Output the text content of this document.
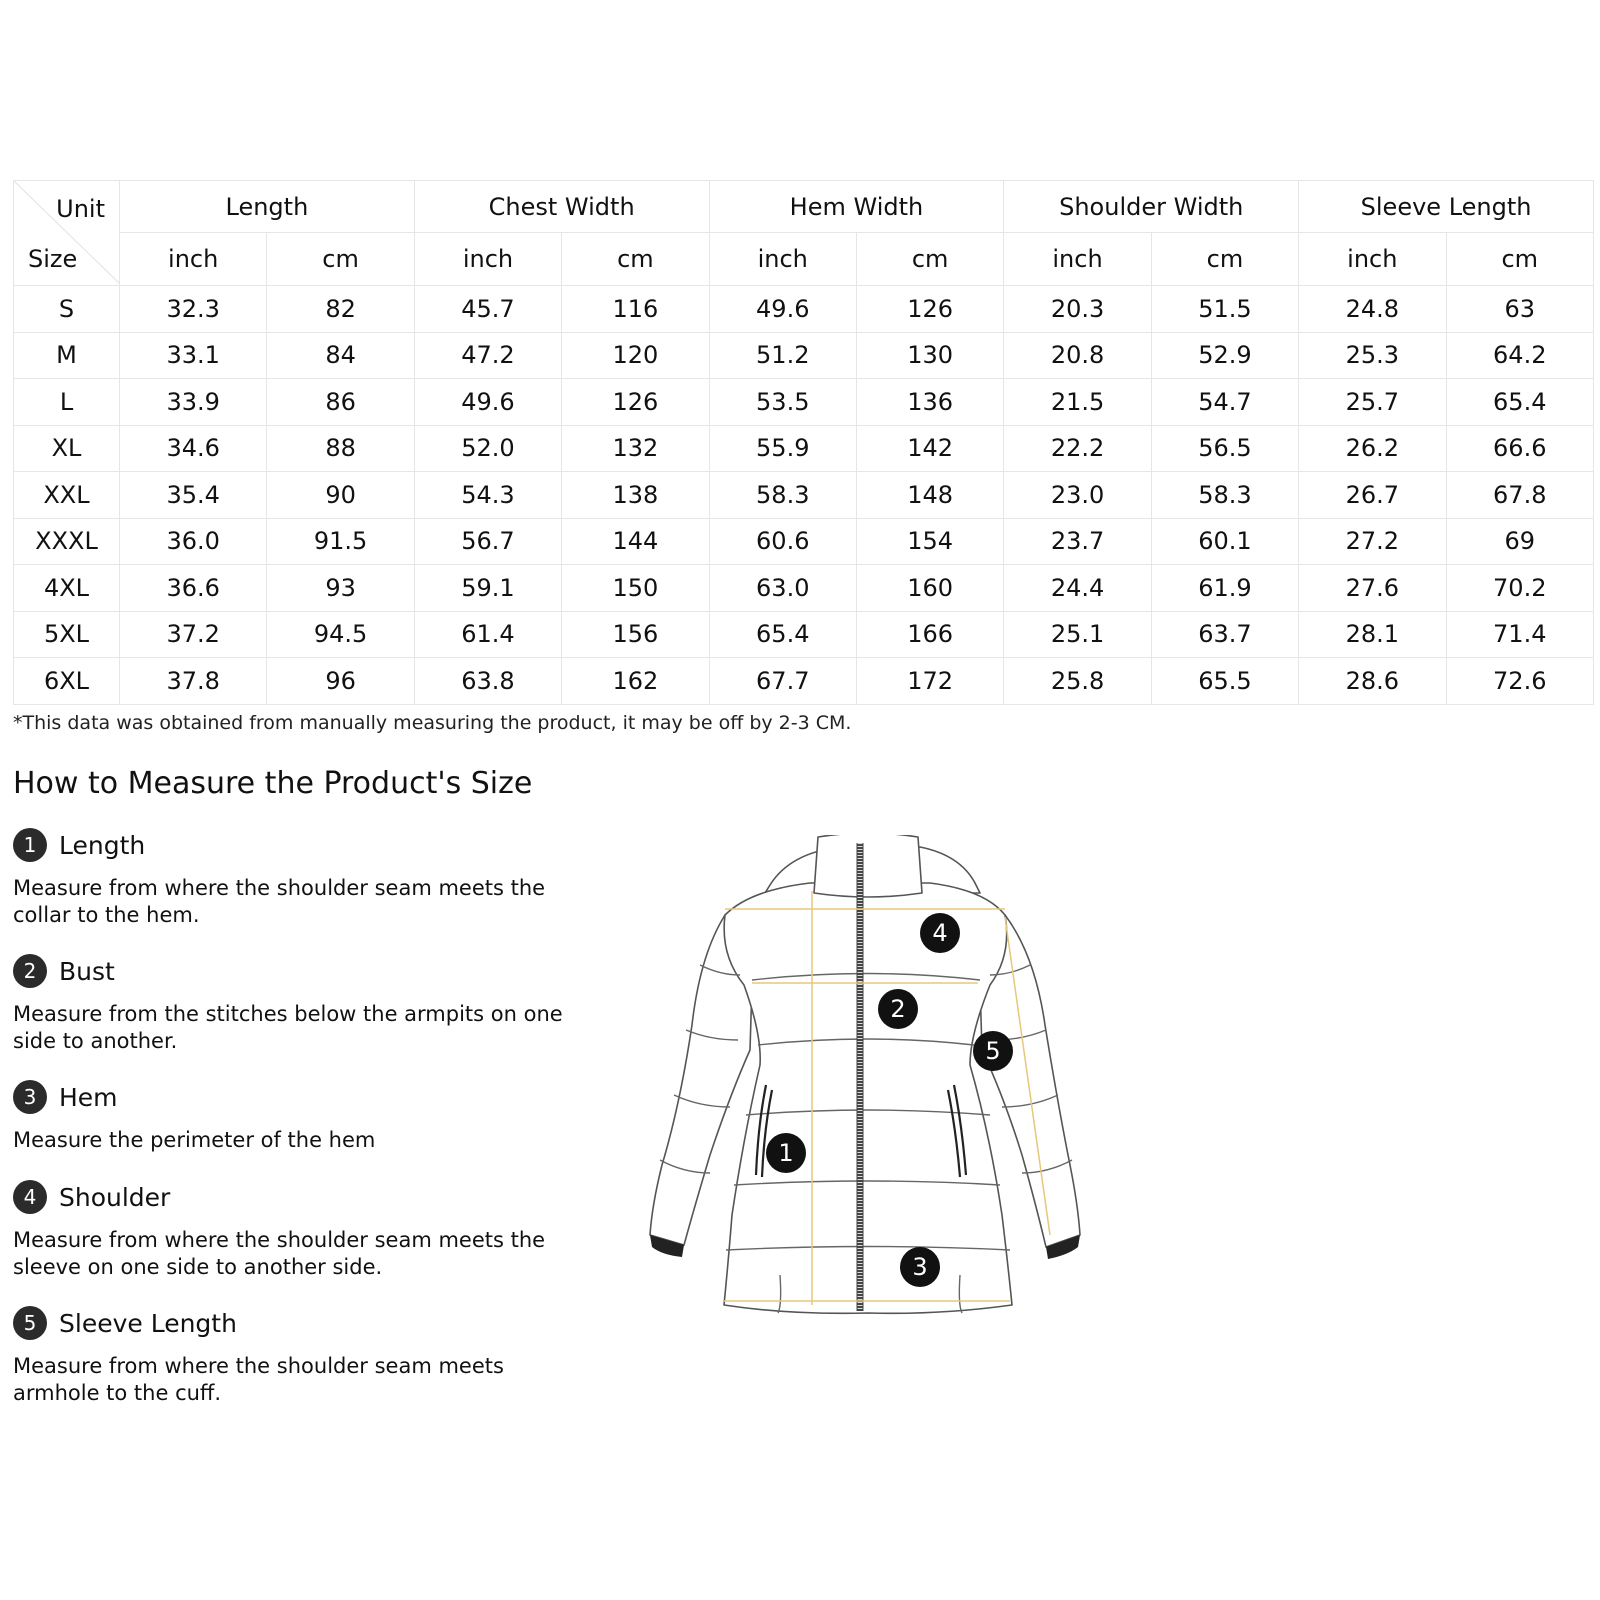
Unit
Size	Length		Chest Width		Hem Width		Shoulder Width		Sleeve Length	
	inch	cm	inch	cm	inch	cm	inch	cm	inch	cm
S	32.3	82	45.7	116	49.6	126	20.3	51.5	24.8	63
M	33.1	84	47.2	120	51.2	130	20.8	52.9	25.3	64.2
L	33.9	86	49.6	126	53.5	136	21.5	54.7	25.7	65.4
XL	34.6	88	52.0	132	55.9	142	22.2	56.5	26.2	66.6
XXL	35.4	90	54.3	138	58.3	148	23.0	58.3	26.7	67.8
XXXL	36.0	91.5	56.7	144	60.6	154	23.7	60.1	27.2	69
4XL	36.6	93	59.1	150	63.0	160	24.4	61.9	27.6	70.2
5XL	37.2	94.5	61.4	156	65.4	166	25.1	63.7	28.1	71.4
6XL	37.8	96	63.8	162	67.7	172	25.8	65.5	28.6	72.6
*This data was obtained from manually measuring the product, it may be off by 2-3 CM.
How to Measure the Product's Size
1 Length
Measure from where the shoulder seam meets the collar to the hem.
2 Bust
Measure from the stitches below the armpits on one side to another.
3 Hem
Measure the perimeter of the hem
4 Shoulder
Measure from where the shoulder seam meets the sleeve on one side to another side.
5 Sleeve Length
Measure from where the shoulder seam meets armhole to the cuff.
1
2
3
4
5
